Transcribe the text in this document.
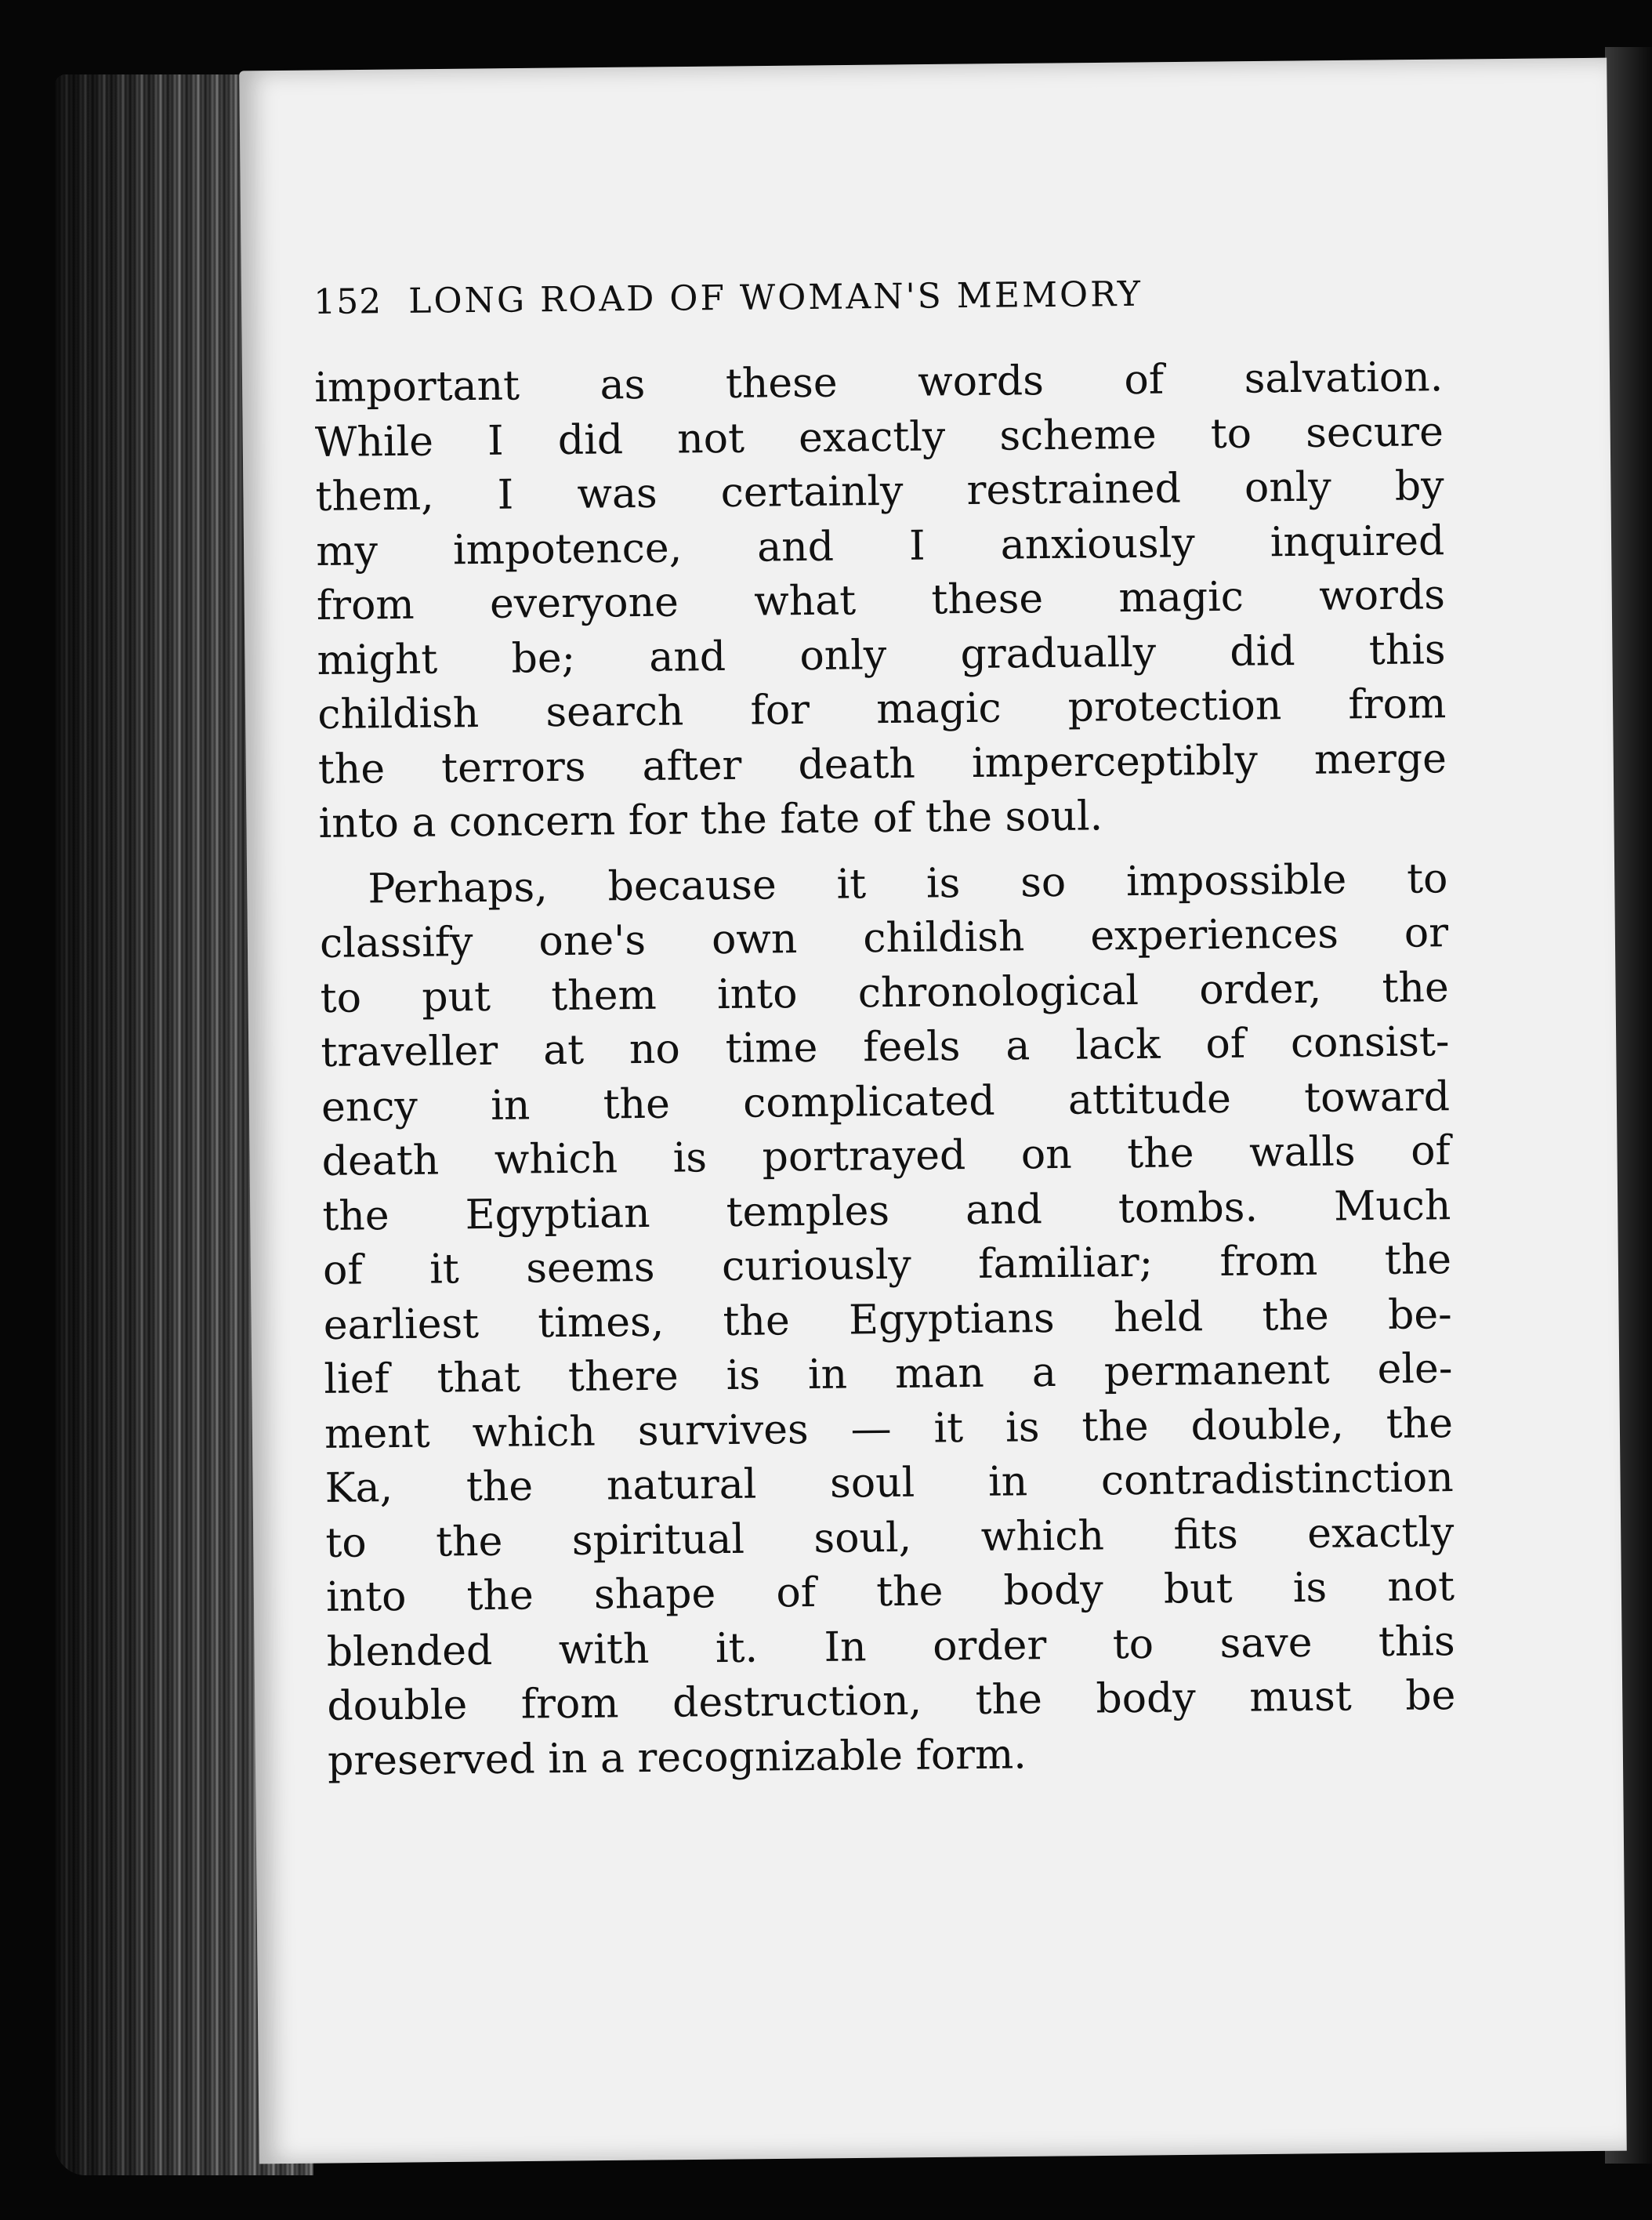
152 LONG ROAD OF WOMAN'S MEMORY

important as these words of salvation.
While I did not exactly scheme to secure
them, I was certainly restrained only by
my impotence, and I anxiously inquired
from everyone what these magic words
might be; and only gradually did this
childish search for magic protection from
the terrors after death imperceptibly merge
into a concern for the fate of the soul.

Perhaps, because it is so impossible to
classify one's own childish experiences or
to put them into chronological order, the
traveller at no time feels a lack of consist-
ency in the complicated attitude toward
death which is portrayed on the walls of
the Egyptian temples and tombs. Much
of it seems curiously familiar; from the
earliest times, the Egyptians held the be-
lief that there is in man a permanent ele-
ment which survives — it is the double, the
Ka, the natural soul in contradistinction
to the spiritual soul, which fits exactly
into the shape of the body but is not
blended with it. In order to save this
double from destruction, the body must be
preserved in a recognizable form.
